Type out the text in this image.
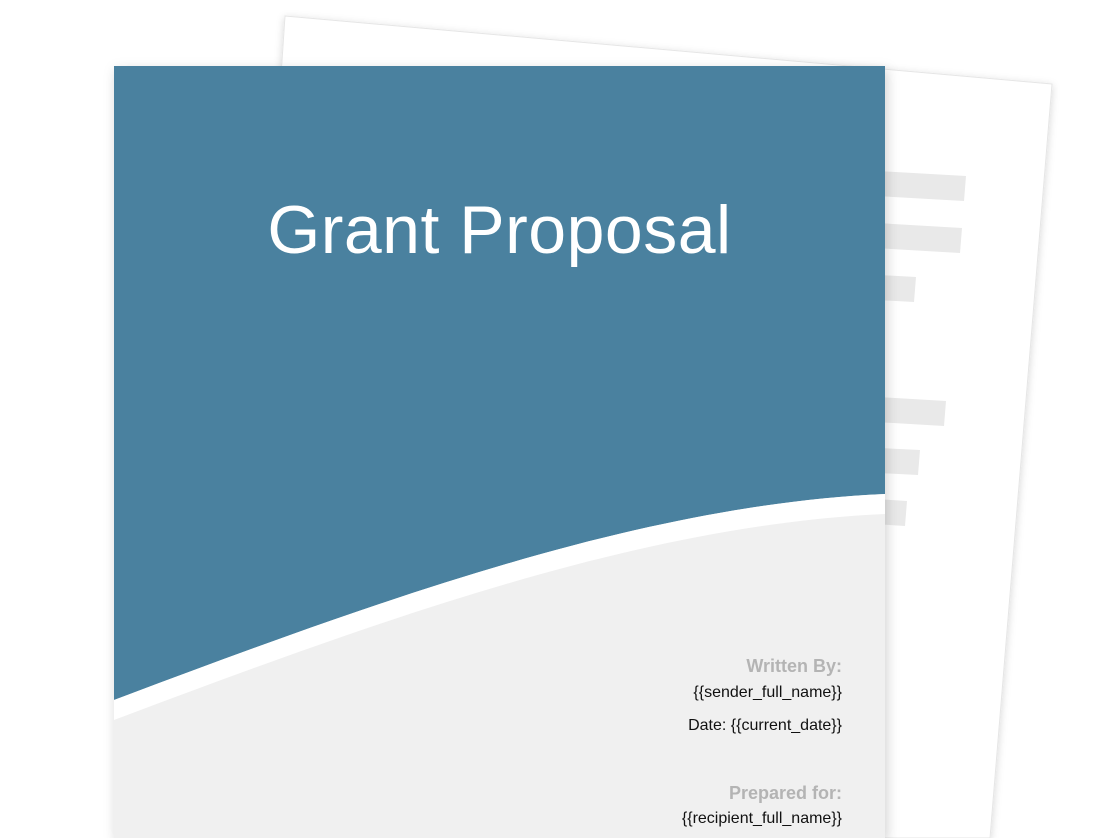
Grant Proposal
Written By:
{{sender_full_name}}
Date: {{current_date}}
Prepared for:
{{recipient_full_name}}
